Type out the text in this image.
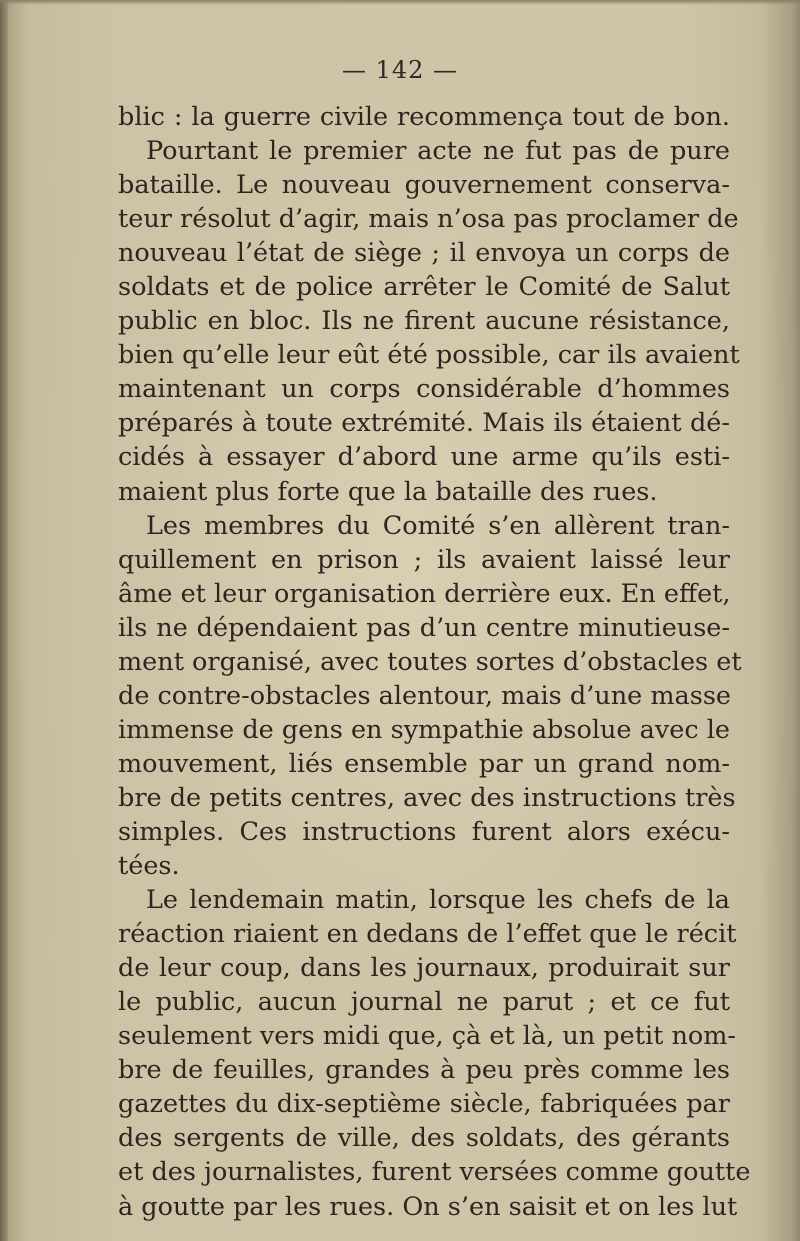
— 142 —
blic : la guerre civile recommença tout de bon.
Pourtant le premier acte ne fut pas de pure
bataille. Le nouveau gouvernement conserva-
teur résolut d’agir, mais n’osa pas proclamer de
nouveau l’état de siège ; il envoya un corps de
soldats et de police arrêter le Comité de Salut
public en bloc. Ils ne firent aucune résistance,
bien qu’elle leur eût été possible, car ils avaient
maintenant un corps considérable d’hommes
préparés à toute extrémité. Mais ils étaient dé-
cidés à essayer d’abord une arme qu’ils esti-
maient plus forte que la bataille des rues.
Les membres du Comité s’en allèrent tran-
quillement en prison ; ils avaient laissé leur
âme et leur organisation derrière eux. En effet,
ils ne dépendaient pas d’un centre minutieuse-
ment organisé, avec toutes sortes d’obstacles et
de contre-obstacles alentour, mais d’une masse
immense de gens en sympathie absolue avec le
mouvement, liés ensemble par un grand nom-
bre de petits centres, avec des instructions très
simples. Ces instructions furent alors exécu-
tées.
Le lendemain matin, lorsque les chefs de la
réaction riaient en dedans de l’effet que le récit
de leur coup, dans les journaux, produirait sur
le public, aucun journal ne parut ; et ce fut
seulement vers midi que, çà et là, un petit nom-
bre de feuilles, grandes à peu près comme les
gazettes du dix-septième siècle, fabriquées par
des sergents de ville, des soldats, des gérants
et des journalistes, furent versées comme goutte
à goutte par les rues. On s’en saisit et on les lut
